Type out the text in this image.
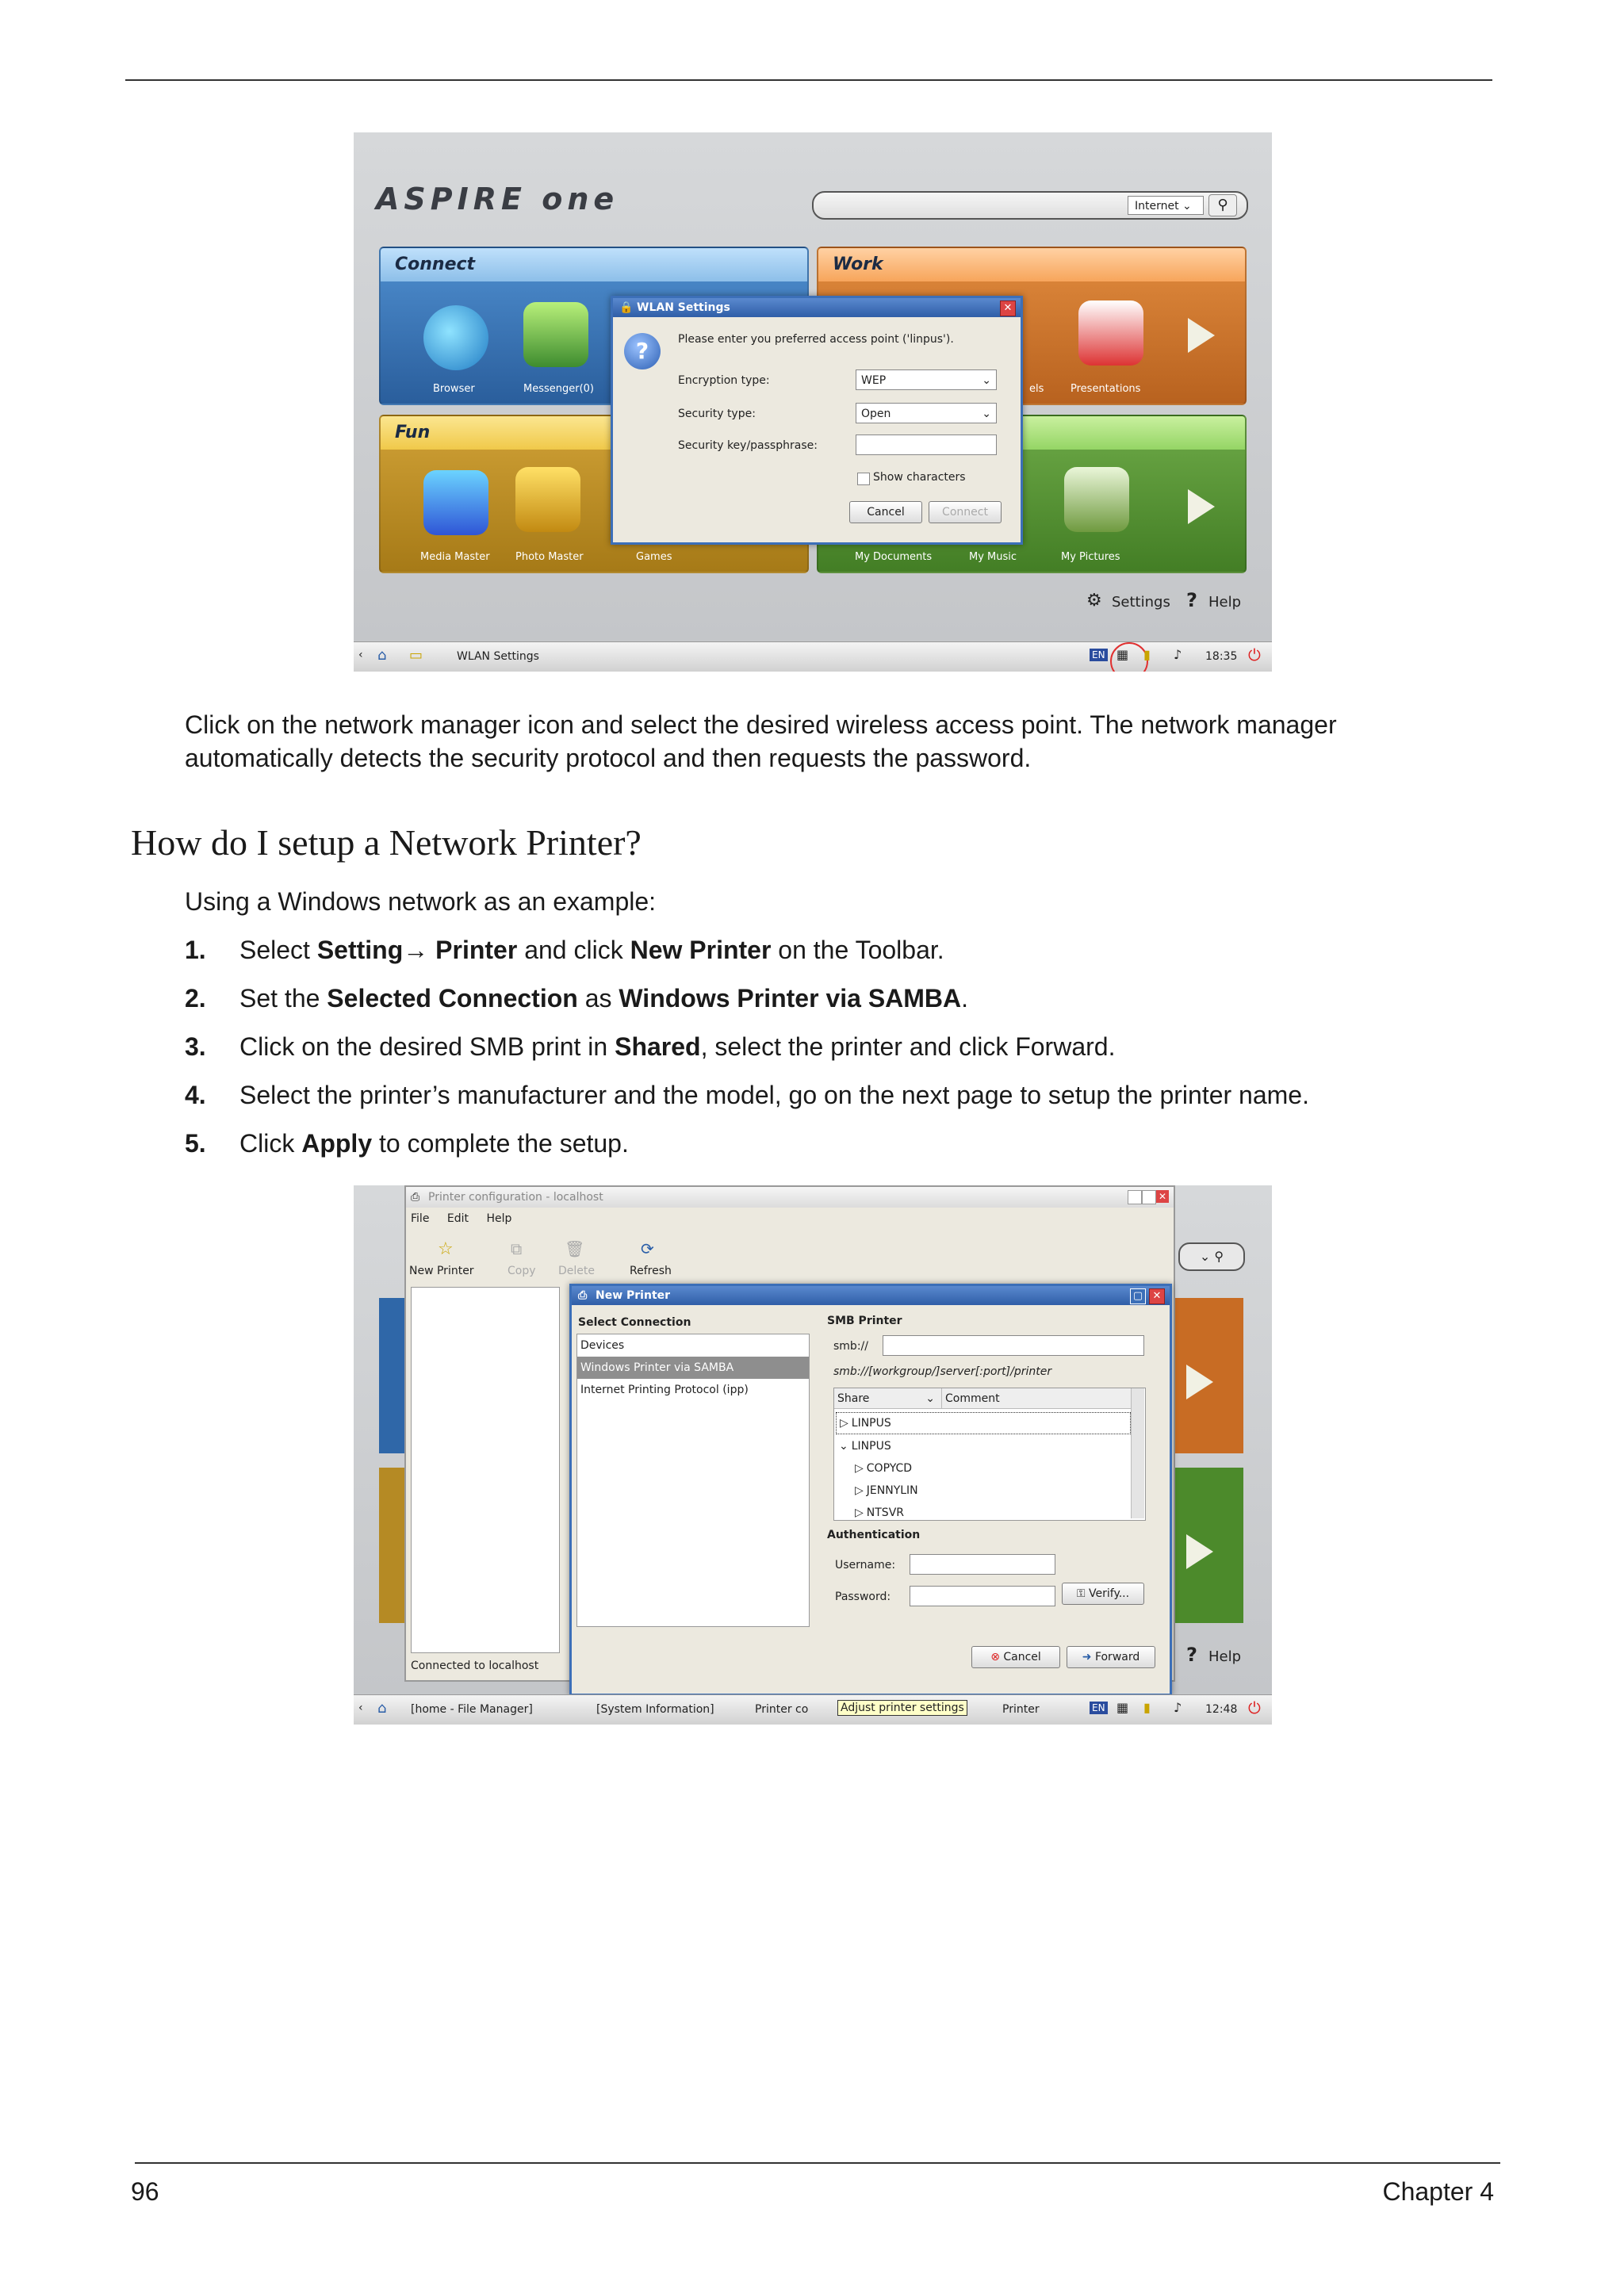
ASPIRE one	Internet ⌄	⚲
Connect
Browser	Messenger(0)
Work
els	Presentations
Fun
Media Master Photo Master	Games	My Documents	My Music	My Pictures
🔒 WLAN Settings	✕
?	Please enter you preferred access point ('linpus').
Encryption type:	WEP	⌄
Security type:	Open	⌄
Security key/passphrase:
Show characters
Cancel	Connect
⚙ Settings ? Help
‹ ⌂ ▭	WLAN Settings	EN ▦ ▮ ♪ 18:35 ⏻
Click on the network manager icon and select the desired wireless access point. The network manager automatically detects the security protocol and then requests the password.
How do I setup a Network Printer?
Using a Windows network as an example:
1. Select Setting→ Printer and click New Printer on the Toolbar.
2. Set the Selected Connection as Windows Printer via SAMBA.
3. Click on the desired SMB print in Shared, select the printer and click Forward.
4. Select the printer’s manufacturer and the model, go on the next page to setup the printer name.
5. Click Apply to complete the setup.
⌄ ⚲
? Help
⎙ Printer configuration - localhost	✕
File Edit Help
☆
New Printer
⧉
Copy
🗑
Delete
⟳
Refresh
Connected to localhost
⎙ New Printer	▢ ✕
Select Connection
Devices
Windows Printer via SAMBA
Internet Printing Protocol (ipp)
SMB Printer
smb://
smb://[workgroup/]server[:port]/printer
Share	⌄ Comment
▷ LINPUS
⌄ LINPUS
▷ COPYCD
▷ JENNYLIN
▷ NTSVR
Authentication
Username:
Password:	⚿ Verify...
⊗ Cancel	➜ Forward
‹ ⌂ [home - File Manager]	[System Information]	Printer co	Adjust printer settings	Printer	EN ▦ ▮ ♪ 12:48 ⏻
96	Chapter 4
